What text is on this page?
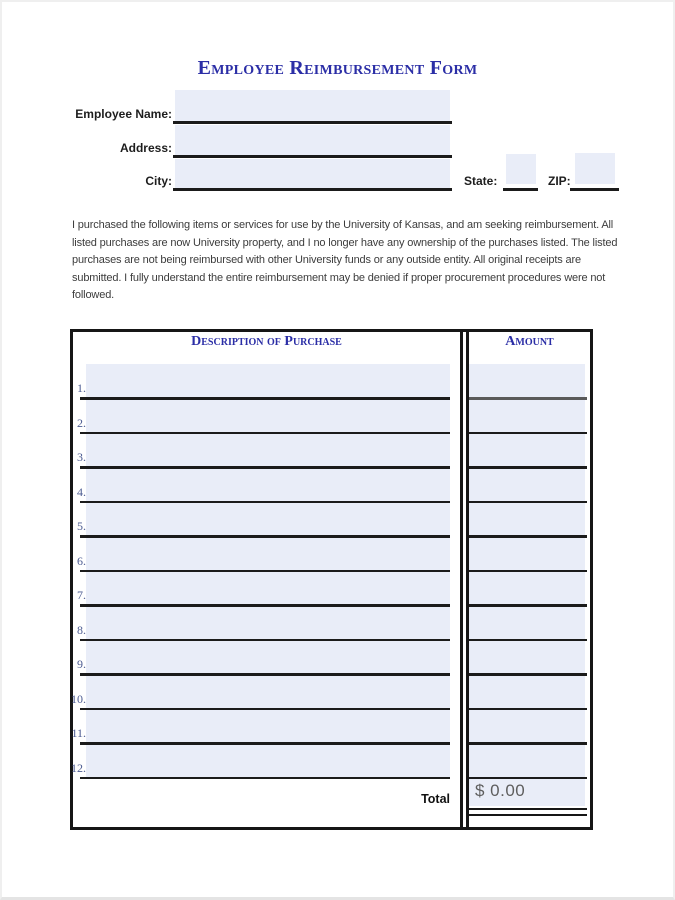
Employee Reimbursement Form
Employee Name:
Address:
City:	State:	ZIP:
I purchased the following items or services for use by the University of Kansas, and am seeking reimbursement. All listed purchases are now University property, and I no longer have any ownership of the purchases listed. The listed purchases are not being reimbursed with other University funds or any outside entity. All original receipts are submitted. I fully understand the entire reimbursement may be denied if proper procurement procedures were not followed.
Description of Purchase
1.
2.
3.
4.
5.
6.
7.
8.
9.
10.
11.
12.
Total
Amount
$ 0.00
